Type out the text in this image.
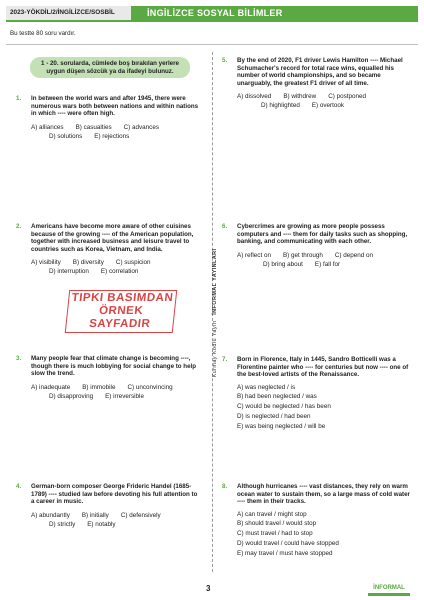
2023-YÖKDİL/2/İNGİLİZCE/SOSBİL	İNGİLİZCE SOSYAL BİLİMLER
Bu testte 80 soru vardır.
1 - 20. sorularda, cümlede boş bırakılan yerlere
uygun düşen sözcük ya da ifadeyi bulunuz.
Kurmay Kodlu Yayın   İNFORMAL YAYINLARI
TIPKI BASIMDAN
ÖRNEK SAYFADIR
1. In between the world wars and after 1945, there were numerous wars both between nations and within nations in which ---- were often high.
A) alliances B) casualties C) advances
D) solutions E) rejections
2. Americans have become more aware of other cuisines because of the growing ---- of the American population, together with increased business and leisure travel to countries such as Korea, Vietnam, and India.
A) visibility B) diversity C) suspicion
D) interruption E) correlation
3. Many people fear that climate change is becoming ----, though there is much lobbying for social change to help slow the trend.
A) inadequate B) immobile C) unconvincing
D) disapproving E) irreversible
4. German-born composer George Frideric Handel (1685-1789) ---- studied law before devoting his full attention to a career in music.
A) abundantly B) initially C) defensively
D) strictly E) notably
5. By the end of 2020, F1 driver Lewis Hamilton ---- Michael Schumacher's record for total race wins, equalled his number of world championships, and so became unarguably, the greatest F1 driver of all time.
A) dissolved B) withdrew C) postponed
D) highlighted E) overtook
6. Cybercrimes are growing as more people possess computers and ---- them for daily tasks such as shopping, banking, and communicating with each other.
A) reflect on B) get through C) depend on
D) bring about E) fall for
7. Born in Florence, Italy in 1445, Sandro Botticelli was a Florentine painter who ---- for centuries but now ---- one of the best-loved artists of the Renaissance.
A) was neglected / is
B) had been neglected / was
C) would be neglected / has been
D) is neglected / had been
E) was being neglected / will be
8. Although hurricanes ---- vast distances, they rely on warm ocean water to sustain them, so a large mass of cold water ---- them in their tracks.
A) can travel / might stop
B) should travel / would stop
C) must travel / had to stop
D) would travel / could have stopped
E) may travel / must have stopped
3	İNFORMAL
